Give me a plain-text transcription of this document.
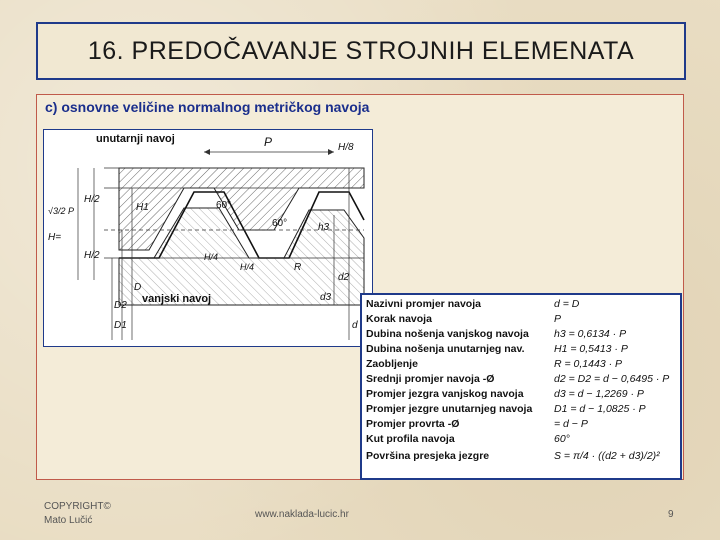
16. PREDOČAVANJE STROJNIH ELEMENATA
c) osnovne veličine normalnog metričkog navoja
unutarnji navoj
vanjski navoj
P	H/8
H/2
H/2
H1
H=
√3/2 P	60°
60°
H/4
H/4
h3
R
D
D2
D1	d
d2
d3
Nazivni promjer navoja	d = D
Korak navoja	P
Dubina nošenja vanjskog navoja h3 = 0,6134 · P
Dubina nošenja unutarnjeg nav.	H1 = 0,5413 · P
Zaobljenje	R = 0,1443 · P
Srednji promjer navoja -Ø	d2 = D2 = d − 0,6495 · P
Promjer jezgra vanjskog navoja	d3 = d − 1,2269 · P
Promjer jezgre unutarnjeg navoja D1 = d − 1,0825 · P
Promjer provrta -Ø	= d − P
Kut profila navoja	60°
Površina presjeka jezgre	S = π/4 · ((d2 + d3)/2)²
COPYRIGHT©
Mato Lučić
www.naklada-lucic.hr	9
